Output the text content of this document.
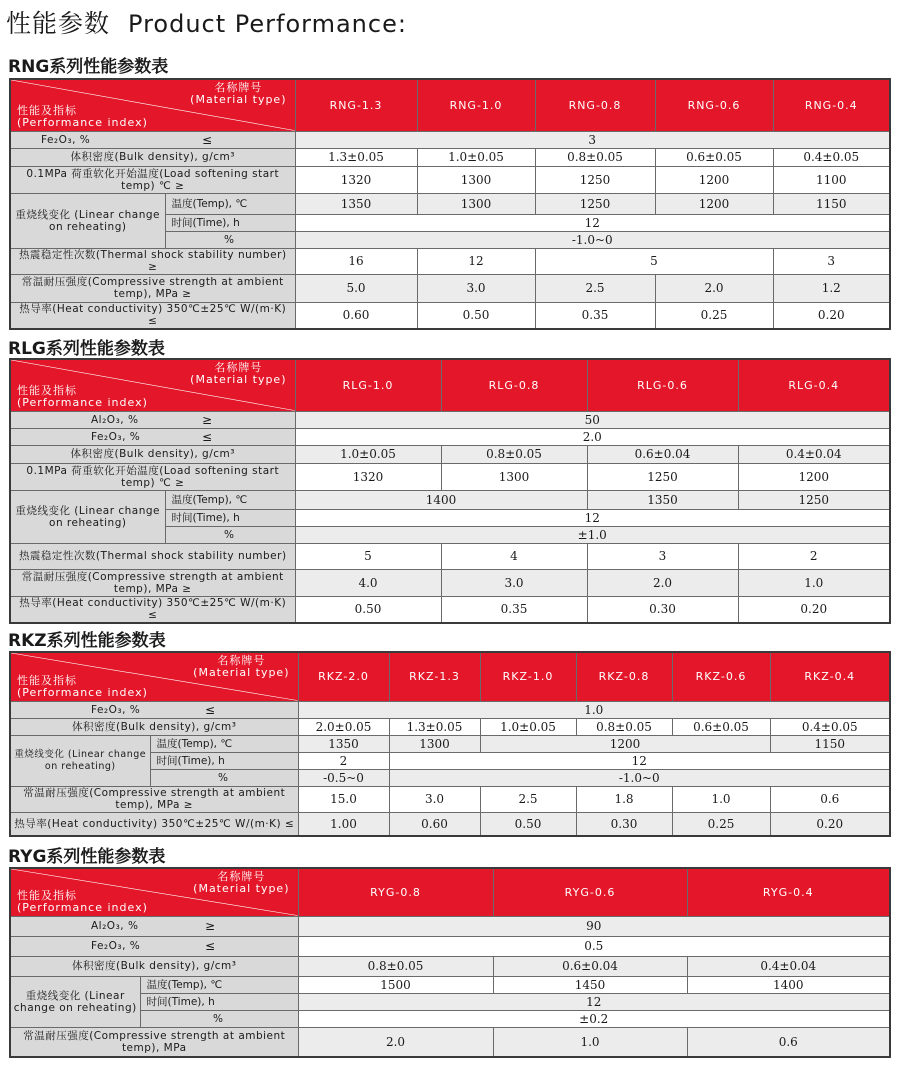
性能参数 Product Performance:
RNG系列性能参数表
名称牌号
(Material type)
性能及指标
(Performance index)		RNG-1.3	RNG-1.0	RNG-0.8	RNG-0.6	RNG-0.4
Fe₂O₃, % ≤		3				
体积密度(Bulk density), g/cm³		1.3±0.05	1.0±0.05	0.8±0.05	0.6±0.05	0.4±0.05
0.1MPa 荷重软化开始温度(Load softening start temp) ℃ ≥		1320	1300	1250	1200	1100
重烧线变化 (Linear change on reheating)	温度(Temp), ℃	1350	1300	1250	1200	1150
	时间(Time), h	12				
	%	-1.0~0				
热震稳定性次数(Thermal shock stability number) ≥		16	12	5		3
常温耐压强度(Compressive strength at ambient temp), MPa ≥		5.0	3.0	2.5	2.0	1.2
热导率(Heat conductivity) 350℃±25℃ W/(m·K) ≤		0.60	0.50	0.35	0.25	0.20
RLG系列性能参数表
名称牌号
(Material type)
性能及指标
(Performance index)		RLG-1.0	RLG-0.8	RLG-0.6	RLG-0.4
Al₂O₃, % ≥		50			
Fe₂O₃, % ≤		2.0			
体积密度(Bulk density), g/cm³		1.0±0.05	0.8±0.05	0.6±0.04	0.4±0.04
0.1MPa 荷重软化开始温度(Load softening start temp) ℃ ≥		1320	1300	1250	1200
重烧线变化 (Linear change on reheating)	温度(Temp), ℃	1400		1350	1250
	时间(Time), h	12			
	%	±1.0			
热震稳定性次数(Thermal shock stability number)		5	4	3	2
常温耐压强度(Compressive strength at ambient temp), MPa ≥		4.0	3.0	2.0	1.0
热导率(Heat conductivity) 350℃±25℃ W/(m·K) ≤		0.50	0.35	0.30	0.20
RKZ系列性能参数表
名称牌号
(Material type)
性能及指标
(Performance index)		RKZ-2.0	RKZ-1.3	RKZ-1.0	RKZ-0.8	RKZ-0.6	RKZ-0.4
Fe₂O₃, % ≤		1.0					
体积密度(Bulk density), g/cm³		2.0±0.05	1.3±0.05	1.0±0.05	0.8±0.05	0.6±0.05	0.4±0.05
重烧线变化 (Linear change on reheating)	温度(Temp), ℃	1350	1300	1200			1150
	时间(Time), h	2	12				
	%	-0.5~0	-1.0~0				
常温耐压强度(Compressive strength at ambient temp), MPa ≥		15.0	3.0	2.5	1.8	1.0	0.6
热导率(Heat conductivity) 350℃±25℃ W/(m·K) ≤		1.00	0.60	0.50	0.30	0.25	0.20
RYG系列性能参数表
名称牌号
(Material type)
性能及指标
(Performance index)		RYG-0.8	RYG-0.6	RYG-0.4
Al₂O₃, % ≥		90		
Fe₂O₃, % ≤		0.5		
体积密度(Bulk density), g/cm³		0.8±0.05	0.6±0.04	0.4±0.04
重烧线变化 (Linear change on reheating)	温度(Temp), ℃	1500	1450	1400
	时间(Time), h	12		
	%	±0.2		
常温耐压强度(Compressive strength at ambient temp), MPa		2.0	1.0	0.6
